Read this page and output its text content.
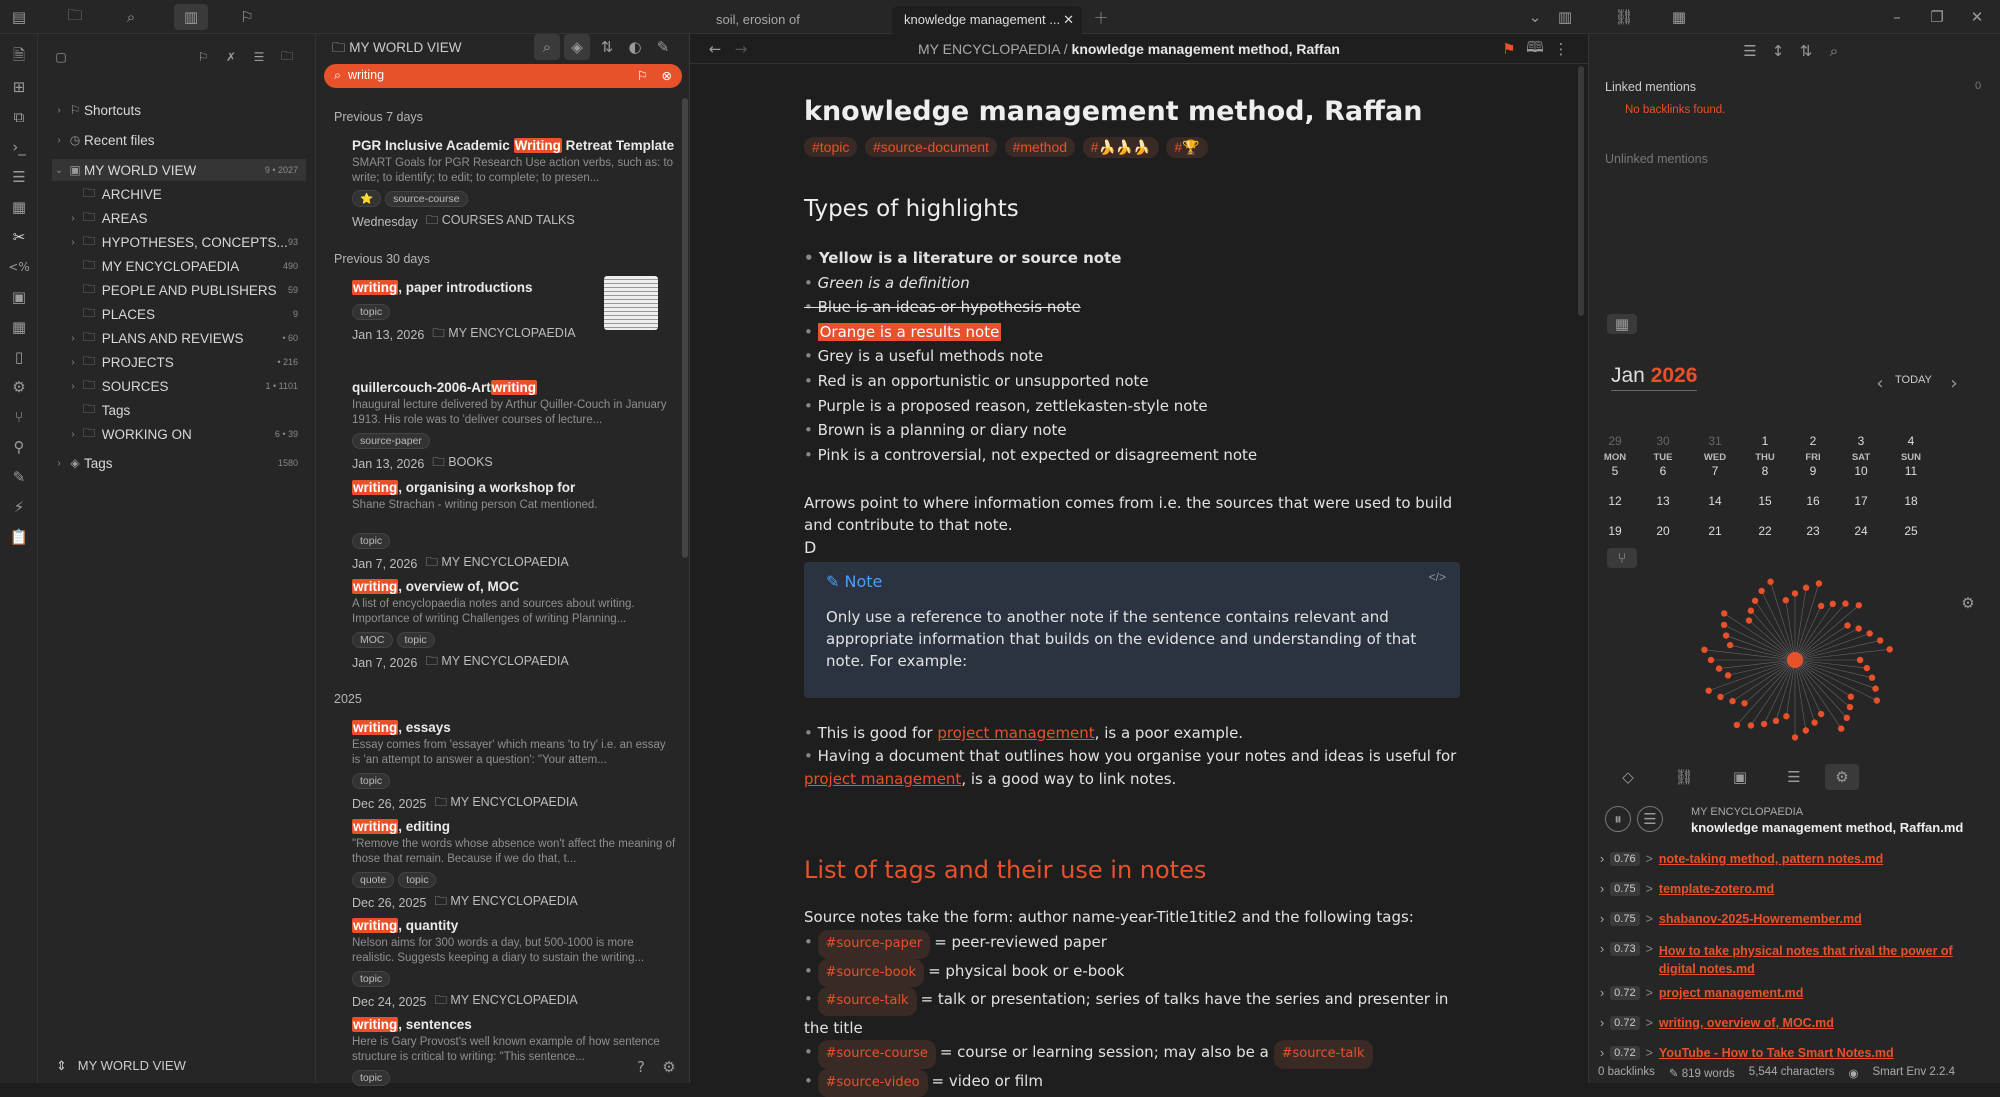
▤	🗀	⌕	▥	⚐	soil, erosion of	knowledge management ... ✕	＋	⌄	▥	⛓	▦	–	❐	✕
🗎
⊞
⧉
›_
☰
▦
✂
<%
▣
▦
▯
⚙
⑂
⚲
✎
⚡
📋
▢	⚐	✗	☰	🗀
› ⚐ Shortcuts
› ◷ Recent files
⌄ ▣ MY WORLD VIEW	9 • 2027
🗀
ARCHIVE
› 🗀
AREAS
› 🗀
HYPOTHESES, CONCEPTS... 93
🗀
MY ENCYCLOPAEDIA	490
🗀
PEOPLE AND PUBLISHERS 59
🗀
PLACES	9
› 🗀
PLANS AND REVIEWS	• 60
› 🗀
PROJECTS	• 216
› 🗀
SOURCES	1 • 1101
🗀
Tags
› 🗀
WORKING ON	6 • 39
› ◈ Tags	1580
⇕   MY WORLD VIEW
🗀 MY WORLD VIEW	⌕	◈	⇅	◐	✎
⌕  writing	⚐ ⊗
Previous 7 days
PGR Inclusive Academic Writing Retreat Template
SMART Goals for PGR Research Use action verbs, such as: to write; to identify; to edit; to complete; to presen...
⭐ source-course
Wednesday 🗀 COURSES AND TALKS
Previous 30 days
writing, paper introductions
topic
Jan 13, 2026 🗀 MY ENCYCLOPAEDIA
quillercouch-2006-Artwriting
Inaugural lecture delivered by Arthur Quiller-Couch in January 1913. His role was to 'deliver courses of lecture...
source-paper
Jan 13, 2026 🗀 BOOKS
writing, organising a workshop for
Shane Strachan - writing person Cat mentioned.
topic
Jan 7, 2026 🗀 MY ENCYCLOPAEDIA
writing, overview of, MOC
A list of encyclopaedia notes and sources about writing. Importance of writing Challenges of writing Planning...
MOC topic
Jan 7, 2026 🗀 MY ENCYCLOPAEDIA
2025
writing, essays
Essay comes from 'essayer' which means 'to try' i.e. an essay is 'an attempt to answer a question': "Your attem...
topic
Dec 26, 2025 🗀 MY ENCYCLOPAEDIA
writing, editing
"Remove the words whose absence won't affect the meaning of those that remain. Because if we do that, t...
quote topic
Dec 26, 2025 🗀 MY ENCYCLOPAEDIA
writing, quantity
Nelson aims for 300 words a day, but 500-1000 is more realistic. Suggests keeping a diary to sustain the writing...
topic
Dec 24, 2025 🗀 MY ENCYCLOPAEDIA
writing, sentences
Here is Gary Provost's well known example of how sentence structure is critical to writing: "This sentence...
topic
?	⚙
← →	MY ENCYCLOPAEDIA / knowledge management method, Raffan	⚑ 🕮 ⋮
knowledge management method, Raffan
#topic #source-document #method #🍌🍌🍌 #🏆
Types of highlights
• Yellow is a literature or source note
• Green is a definition
• Blue is an ideas or hypothesis note
• Orange is a results note
• Grey is a useful methods note
• Red is an opportunistic or unsupported note
• Purple is a proposed reason, zettlekasten-style note
• Brown is a planning or diary note
• Pink is a controversial, not expected or disagreement note
Arrows point to where information comes from i.e. the sources that were used to build and contribute to that note.
D
✎ Note	</>
Only use a reference to another note if the sentence contains relevant and appropriate information that builds on the evidence and understanding of that note. For example:
• This is good for project management, is a poor example.
• Having a document that outlines how you organise your notes and ideas is useful for project management, is a good way to link notes.
List of tags and their use in notes
Source notes take the form: author name-year-Title1title2 and the following tags:
• #source-paper = peer-reviewed paper
• #source-book = physical book or e-book
• #source-talk = talk or presentation; series of talks have the series and presenter in the title
• #source-course = course or learning session; may also be a #source-talk
• #source-video = video or film
☰ ↕	⇅	⌕
Linked mentions	0
No backlinks found.
Unlinked mentions
▦
Jan 2026	‹	TODAY	›
MON	TUE	WED	THU	FRI	SAT	SUN
29	30	31	1	2	3	4
5	6	7	8	9	10	11
12	13	14	15	16	17	18
19	20	21	22	23	24	25
⑂
⚙
◇	⛓	▣	☰	⚙
⏸	☰	MY ENCYCLOPAEDIA
knowledge management method, Raffan.md
› 0.76 > note-taking method, pattern notes.md
› 0.75 > template-zotero.md
› 0.75 > shabanov-2025-Howremember.md
› 0.73 > How to take physical notes that rival the power of digital notes.md
› 0.72 > project management.md
› 0.72 > writing, overview of, MOC.md
› 0.72 > YouTube - How to Take Smart Notes.md
0 backlinks ✎ 819 words 5,544 characters ◉ Smart Env 2.2.4
